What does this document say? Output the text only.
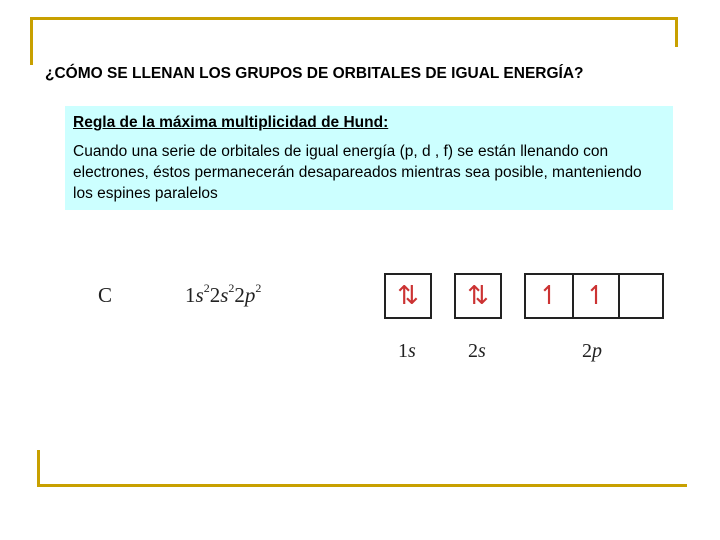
¿CÓMO SE LLENAN LOS GRUPOS DE ORBITALES DE IGUAL ENERGÍA?
Regla de la máxima multiplicidad de Hund:
Cuando una serie de orbitales de igual energía (p, d , f) se están llenando con electrones, éstos permanecerán desapareados mientras sea posible, manteniendo los espines paralelos
C	$1s^22s^22p^2$	⇅	⇅	↿ ↿
1s	2s	2p
